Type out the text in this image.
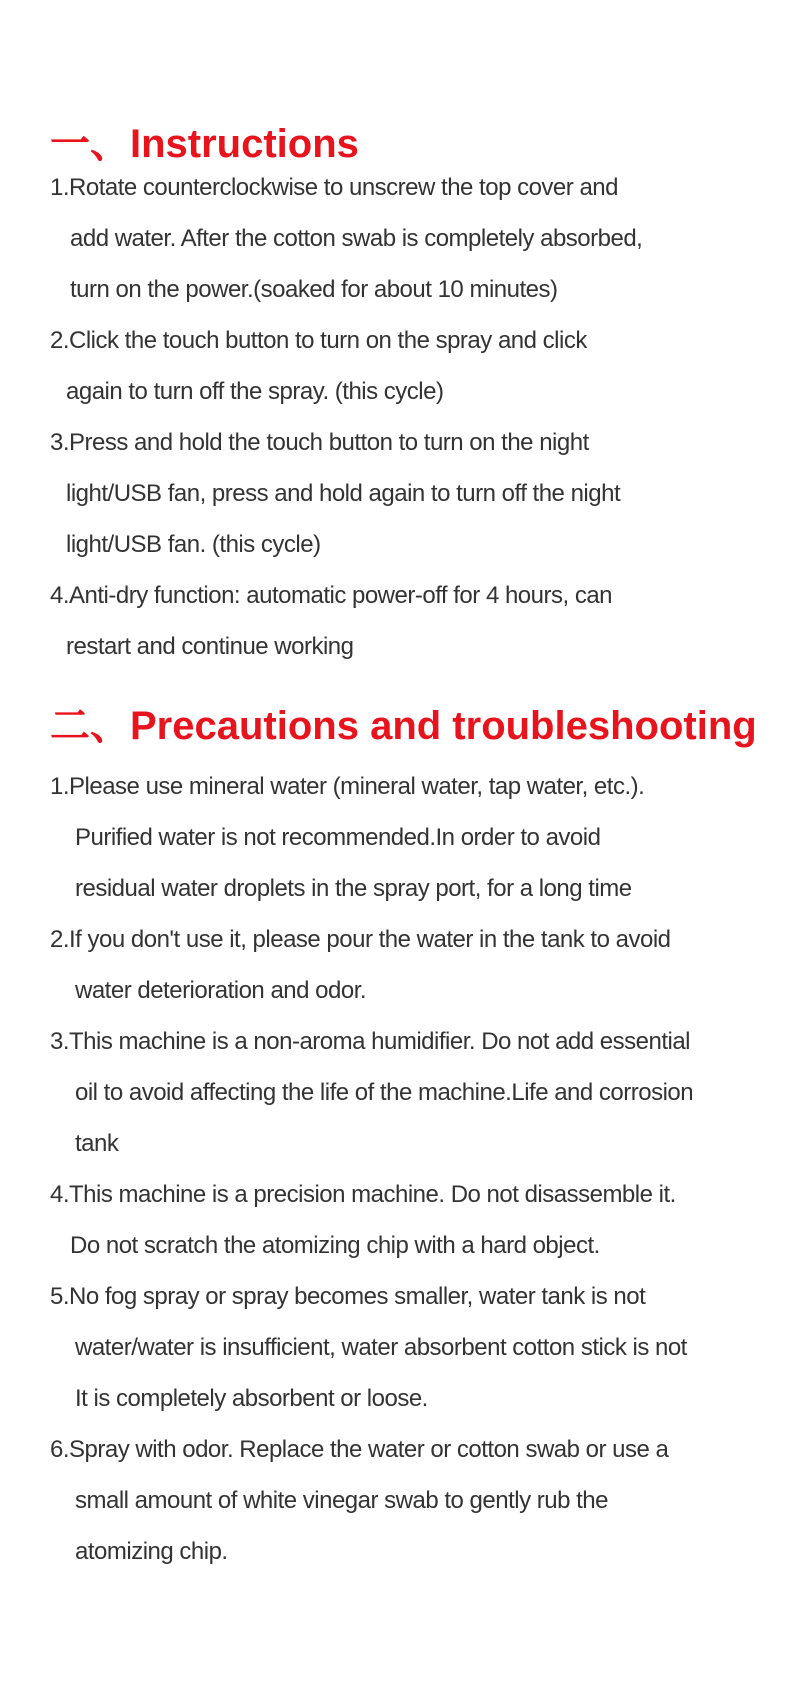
一、Instructions
1.Rotate counterclockwise to unscrew the top cover and
add water. After the cotton swab is completely absorbed,
turn on the power.(soaked for about 10 minutes)
2.Click the touch button to turn on the spray and click
again to turn off the spray. (this cycle)
3.Press and hold the touch button to turn on the night
light/USB fan, press and hold again to turn off the night
light/USB fan. (this cycle)
4.Anti-dry function: automatic power-off for 4 hours, can
restart and continue working
二、Precautions and troubleshooting
1.Please use mineral water (mineral water, tap water, etc.).
Purified water is not recommended.In order to avoid
residual water droplets in the spray port, for a long time
2.If you don't use it, please pour the water in the tank to avoid
water deterioration and odor.
3.This machine is a non-aroma humidifier. Do not add essential
oil to avoid affecting the life of the machine.Life and corrosion
tank
4.This machine is a precision machine. Do not disassemble it.
Do not scratch the atomizing chip with a hard object.
5.No fog spray or spray becomes smaller, water tank is not
water/water is insufficient, water absorbent cotton stick is not
It is completely absorbent or loose.
6.Spray with odor. Replace the water or cotton swab or use a
small amount of white vinegar swab to gently rub the
atomizing chip.
